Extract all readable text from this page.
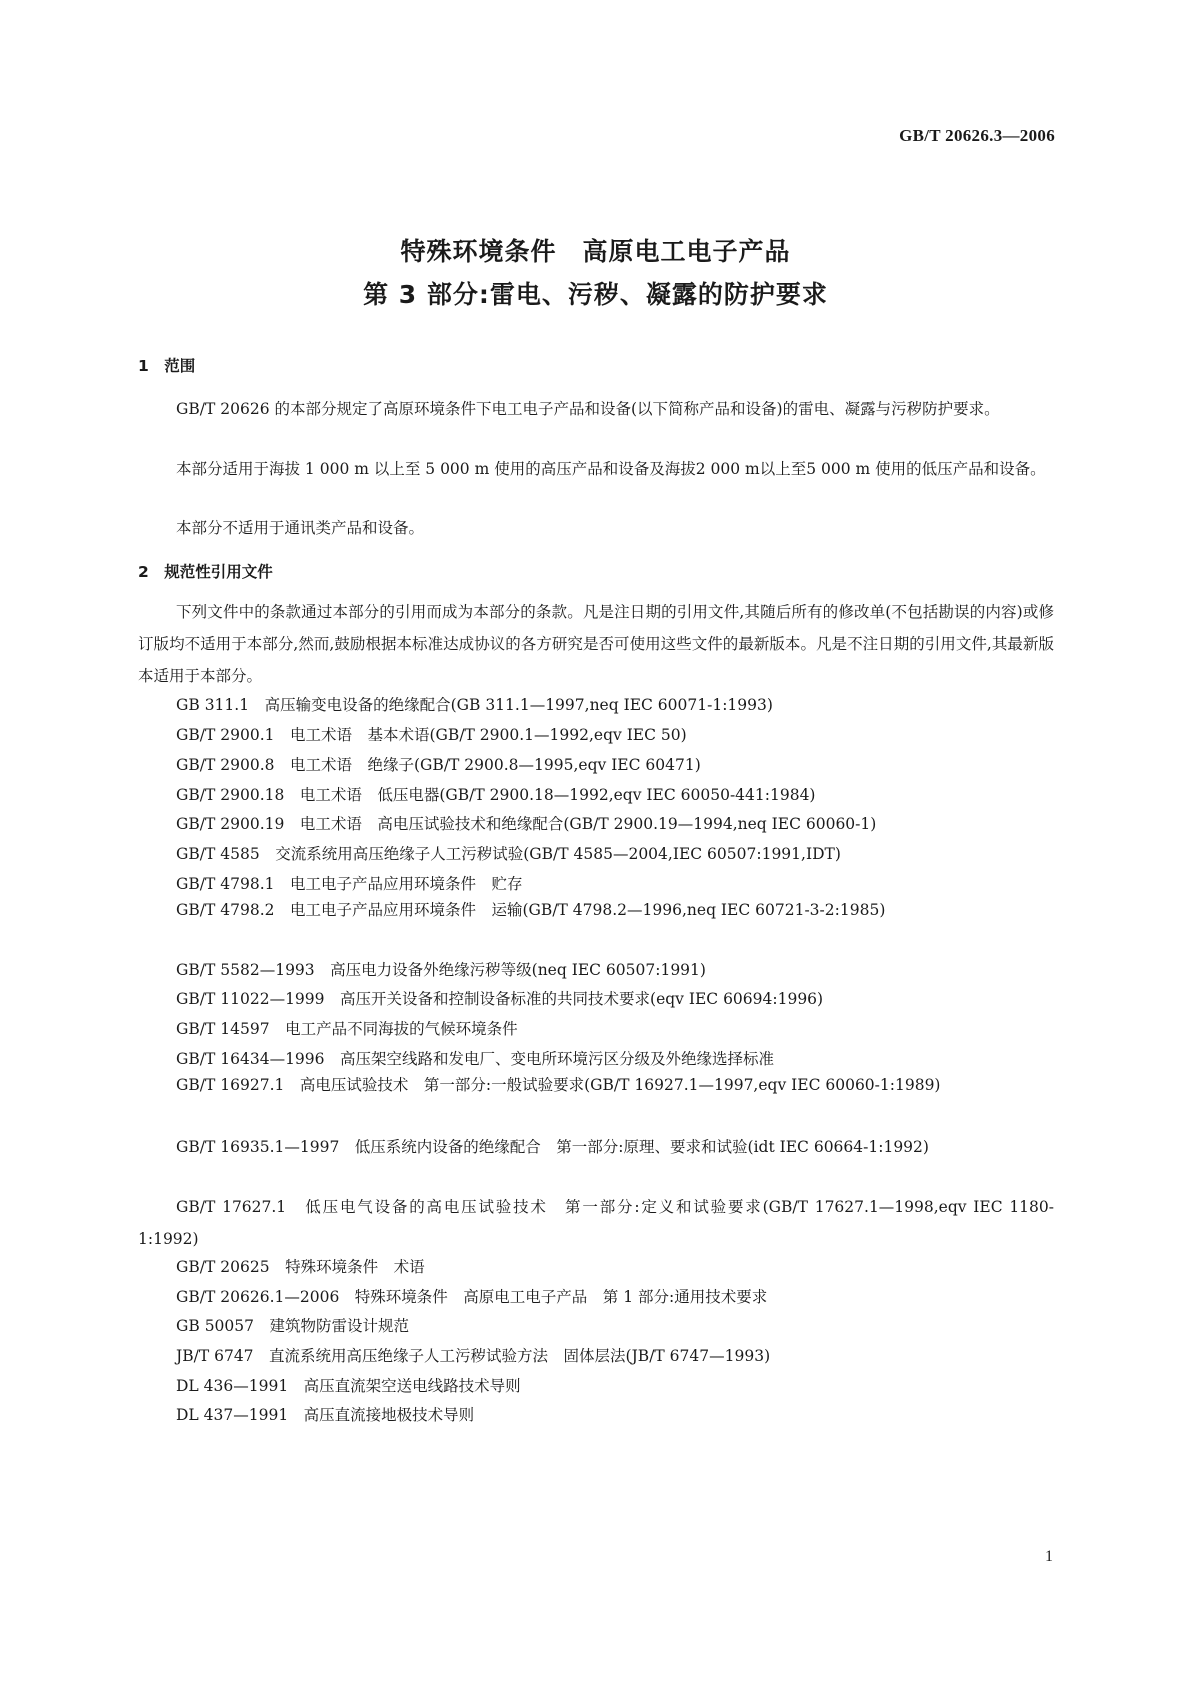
GB/T 20626.3—2006
特殊环境条件　高原电工电子产品
第 3 部分:雷电、污秽、凝露的防护要求
1　范围

GB/T 20626 的本部分规定了高原环境条件下电工电子产品和设备(以下简称产品和设备)的雷电、凝露与污秽防护要求。

本部分适用于海拔 1 000 m 以上至 5 000 m 使用的高压产品和设备及海拔2 000 m以上至5 000 m 使用的低压产品和设备。

本部分不适用于通讯类产品和设备。

2　规范性引用文件

下列文件中的条款通过本部分的引用而成为本部分的条款。凡是注日期的引用文件,其随后所有的修改单(不包括勘误的内容)或修订版均不适用于本部分,然而,鼓励根据本标准达成协议的各方研究是否可使用这些文件的最新版本。凡是不注日期的引用文件,其最新版本适用于本部分。

GB 311.1　高压输变电设备的绝缘配合(GB 311.1—1997,neq IEC 60071-1:1993)
GB/T 2900.1　电工术语　基本术语(GB/T 2900.1—1992,eqv IEC 50)
GB/T 2900.8　电工术语　绝缘子(GB/T 2900.8—1995,eqv IEC 60471)
GB/T 2900.18　电工术语　低压电器(GB/T 2900.18—1992,eqv IEC 60050-441:1984)
GB/T 2900.19　电工术语　高电压试验技术和绝缘配合(GB/T 2900.19—1994,neq IEC 60060-1)
GB/T 4585　交流系统用高压绝缘子人工污秽试验(GB/T 4585—2004,IEC 60507:1991,IDT)
GB/T 4798.1　电工电子产品应用环境条件　贮存

GB/T 4798.2　电工电子产品应用环境条件　运输(GB/T 4798.2—1996,neq IEC 60721-3-2:1985)

GB/T 5582—1993　高压电力设备外绝缘污秽等级(neq IEC 60507:1991)
GB/T 11022—1999　高压开关设备和控制设备标准的共同技术要求(eqv IEC 60694:1996)
GB/T 14597　电工产品不同海拔的气候环境条件
GB/T 16434—1996　高压架空线路和发电厂、变电所环境污区分级及外绝缘选择标准

GB/T 16927.1　高电压试验技术　第一部分:一般试验要求(GB/T 16927.1—1997,eqv IEC 60060-1:1989)

GB/T 16935.1—1997　低压系统内设备的绝缘配合　第一部分:原理、要求和试验(idt IEC 60664-1:1992)

GB/T 17627.1　低压电气设备的高电压试验技术　第一部分:定义和试验要求(GB/T 17627.1—1998,eqv IEC 1180-1:1992)

GB/T 20625　特殊环境条件　术语
GB/T 20626.1—2006　特殊环境条件　高原电工电子产品　第 1 部分:通用技术要求
GB 50057　建筑物防雷设计规范
JB/T 6747　直流系统用高压绝缘子人工污秽试验方法　固体层法(JB/T 6747—1993)
DL 436—1991　高压直流架空送电线路技术导则
DL 437—1991　高压直流接地极技术导则
1
